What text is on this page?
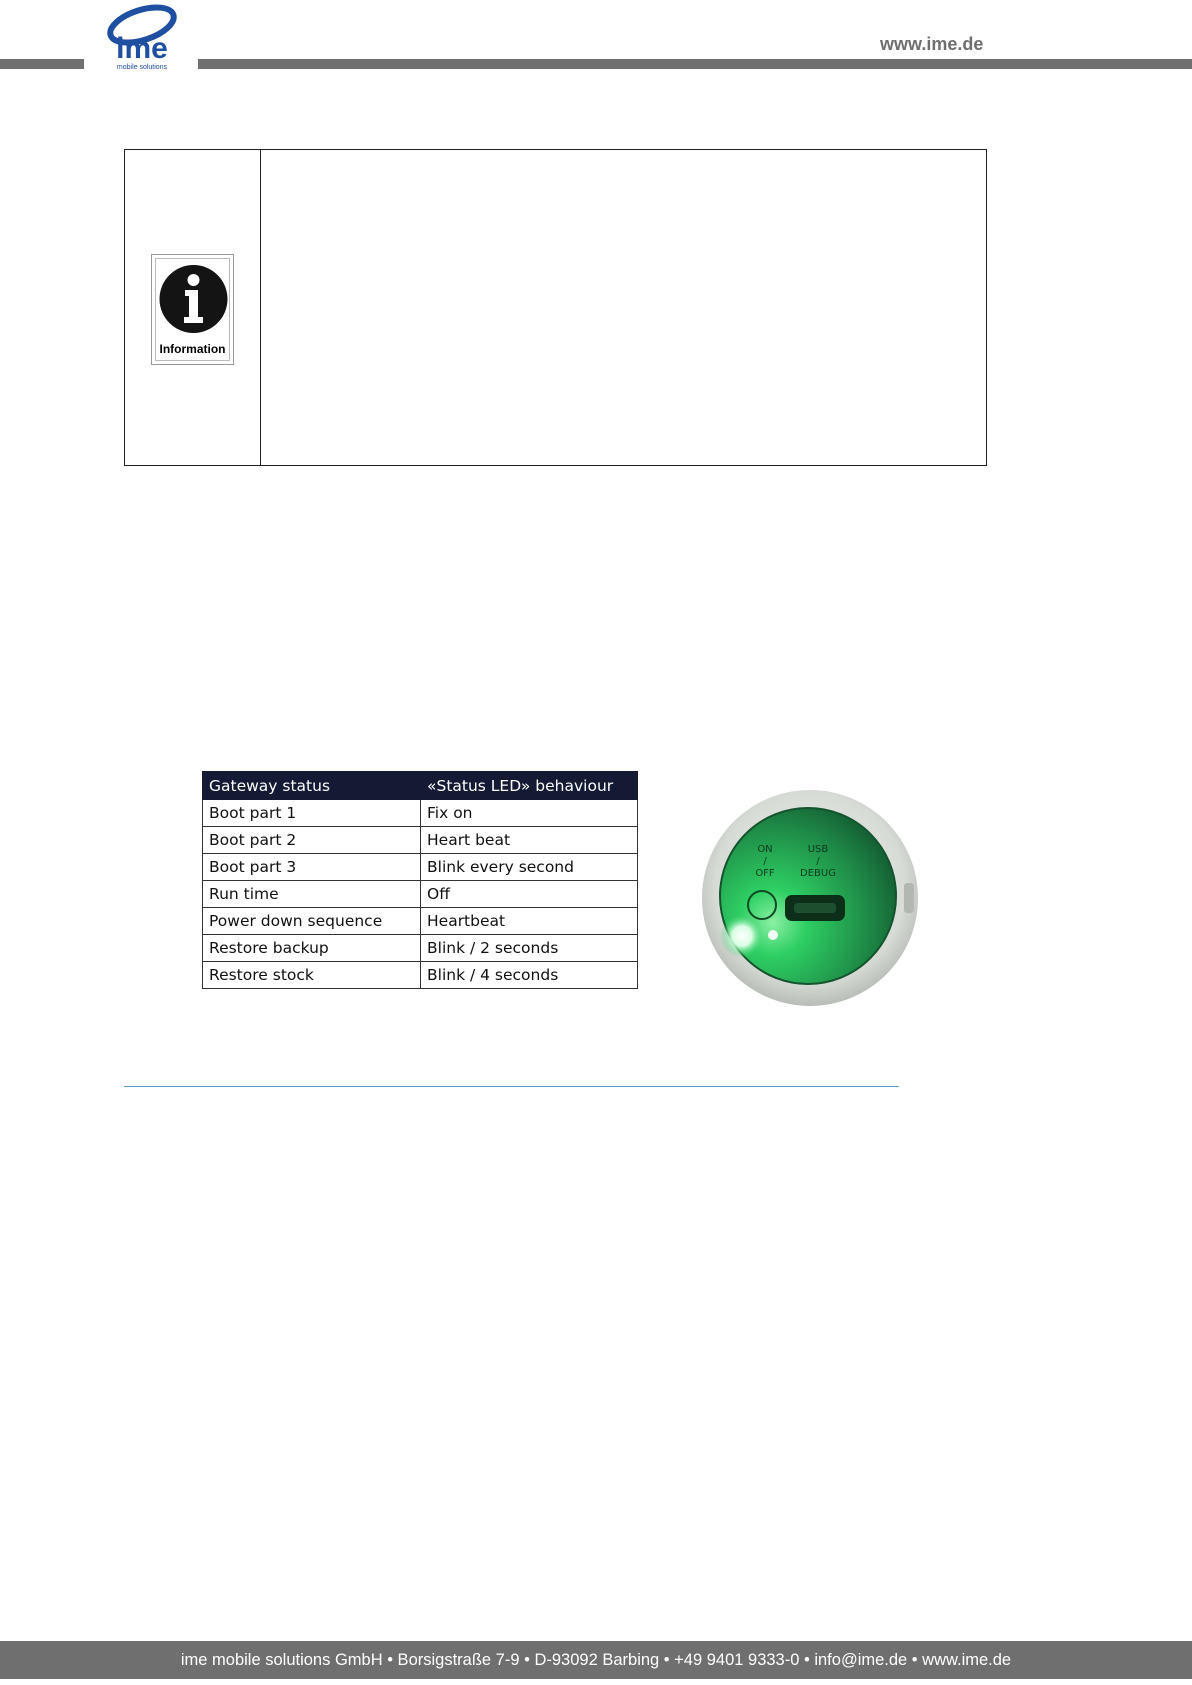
ime
mobile solutions
www.ime.de
Information
Gateway status	«Status LED» behaviour
Boot part 1	Fix on
Boot part 2	Heart beat
Boot part 3	Blink every second
Run time	Off
Power down sequence	Heartbeat
Restore backup	Blink / 2 seconds
Restore stock	Blink / 4 seconds
ON
/
OFF
USB
/
DEBUG
ime mobile solutions GmbH • Borsigstraße 7-9 • D-93092 Barbing • +49 9401 9333-0 • info@ime.de • www.ime.de
